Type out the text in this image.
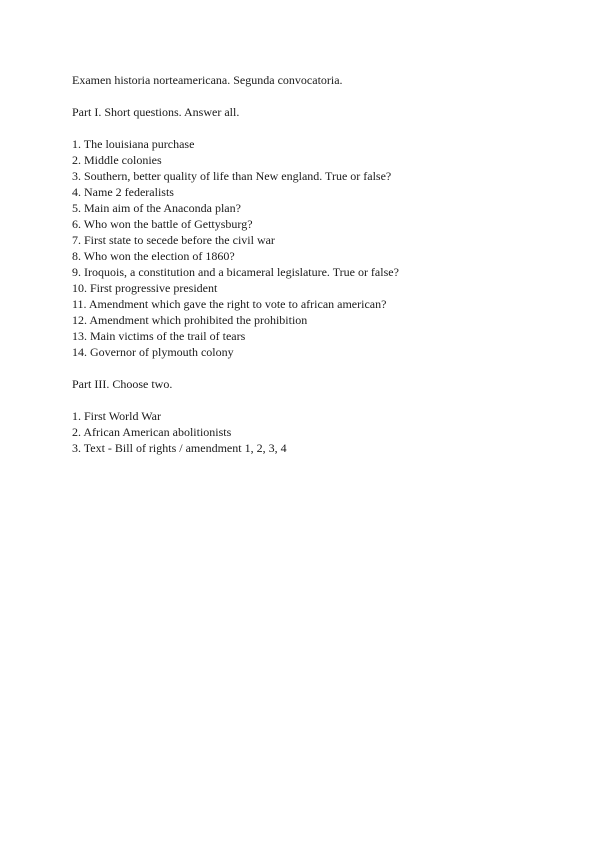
Examen historia norteamericana. Segunda convocatoria.
Part I. Short questions. Answer all.
1. The louisiana purchase
2. Middle colonies
3. Southern, better quality of life than New england. True or false?
4. Name 2 federalists
5. Main aim of the Anaconda plan?
6. Who won the battle of Gettysburg?
7. First state to secede before the civil war
8. Who won the election of 1860?
9. Iroquois, a constitution and a bicameral legislature. True or false?
10. First progressive president
11. Amendment which gave the right to vote to african american?
12. Amendment which prohibited the prohibition
13. Main victims of the trail of tears
14. Governor of plymouth colony
Part III. Choose two.
1. First World War
2. African American abolitionists
3. Text - Bill of rights / amendment 1, 2, 3, 4
